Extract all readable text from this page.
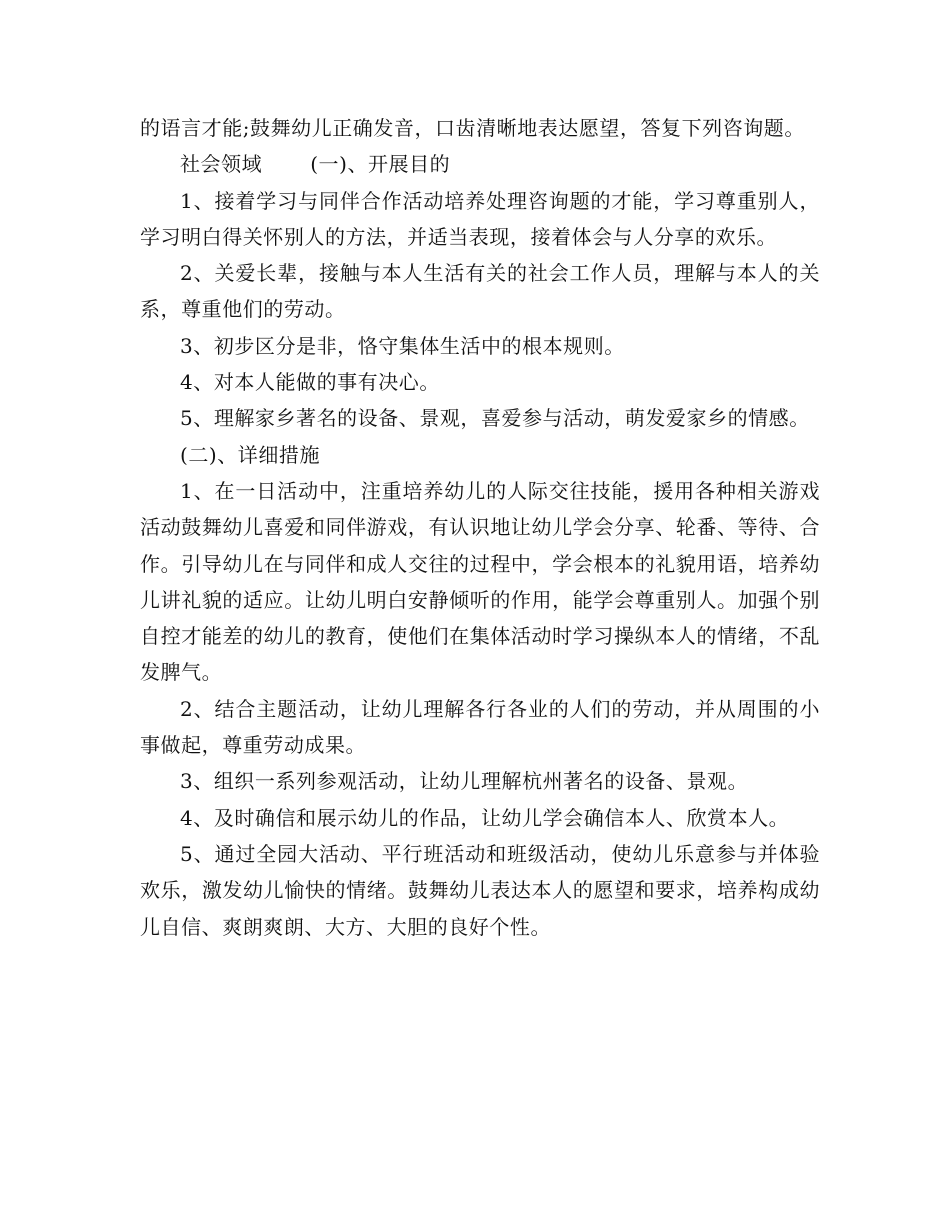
的语言才能;鼓舞幼儿正确发音，口齿清晰地表达愿望，答复下列咨询题。

社会领域 (一)、开展目的

1、接着学习与同伴合作活动培养处理咨询题的才能，学习尊重别人，学习明白得关怀别人的方法，并适当表现，接着体会与人分享的欢乐。

2、关爱长辈，接触与本人生活有关的社会工作人员，理解与本人的关系，尊重他们的劳动。

3、初步区分是非，恪守集体生活中的根本规则。

4、对本人能做的事有决心。

5、理解家乡著名的设备、景观，喜爱参与活动，萌发爱家乡的情感。

(二)、详细措施

1、在一日活动中，注重培养幼儿的人际交往技能，援用各种相关游戏活动鼓舞幼儿喜爱和同伴游戏，有认识地让幼儿学会分享、轮番、等待、合作。引导幼儿在与同伴和成人交往的过程中，学会根本的礼貌用语，培养幼儿讲礼貌的适应。让幼儿明白安静倾听的作用，能学会尊重别人。加强个别自控才能差的幼儿的教育，使他们在集体活动时学习操纵本人的情绪，不乱发脾气。

2、结合主题活动，让幼儿理解各行各业的人们的劳动，并从周围的小事做起，尊重劳动成果。

3、组织一系列参观活动，让幼儿理解杭州著名的设备、景观。

4、及时确信和展示幼儿的作品，让幼儿学会确信本人、欣赏本人。

5、通过全园大活动、平行班活动和班级活动，使幼儿乐意参与并体验欢乐，激发幼儿愉快的情绪。鼓舞幼儿表达本人的愿望和要求，培养构成幼儿自信、爽朗爽朗、大方、大胆的良好个性。
